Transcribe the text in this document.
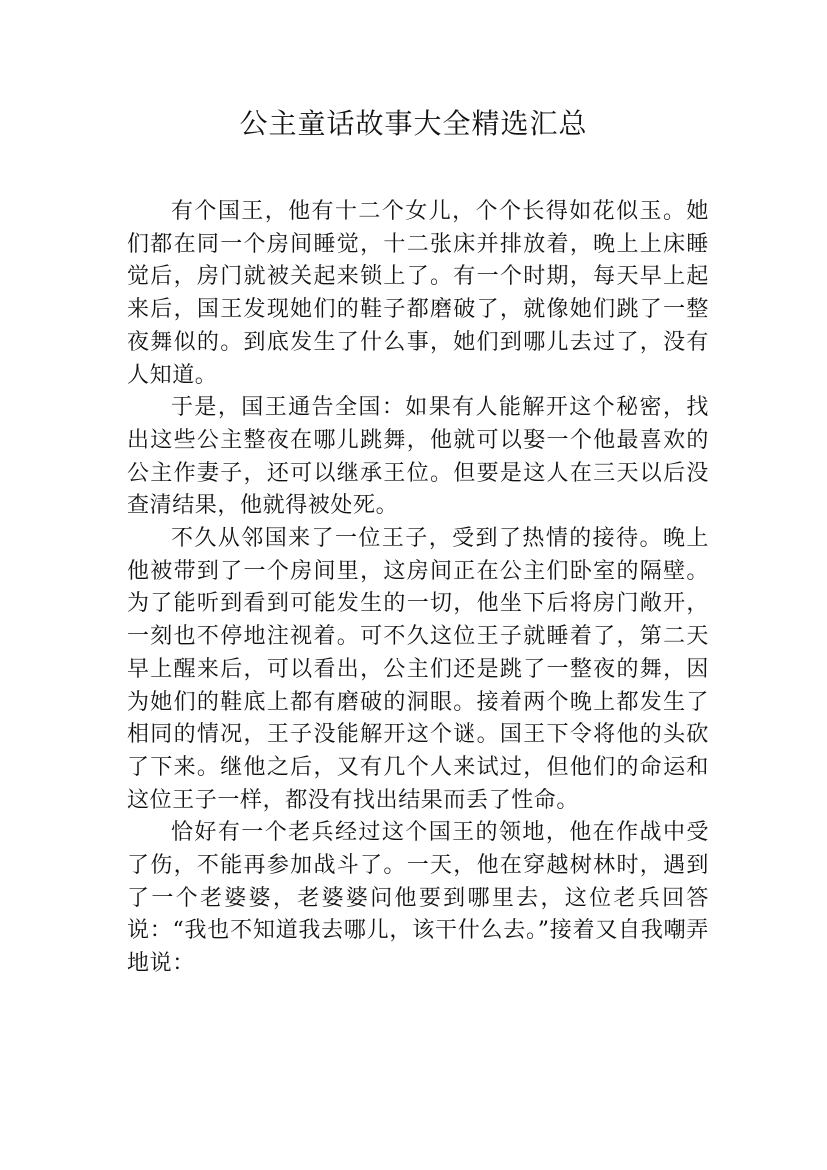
公主童话故事大全精选汇总

有个国王，他有十二个女儿，个个长得如花似玉。她们都在同一个房间睡觉，十二张床并排放着，晚上上床睡觉后，房门就被关起来锁上了。有一个时期，每天早上起来后，国王发现她们的鞋子都磨破了，就像她们跳了一整夜舞似的。到底发生了什么事，她们到哪儿去过了，没有人知道。

于是，国王通告全国：如果有人能解开这个秘密，找出这些公主整夜在哪儿跳舞，他就可以娶一个他最喜欢的公主作妻子，还可以继承王位。但要是这人在三天以后没查清结果，他就得被处死。

不久从邻国来了一位王子，受到了热情的接待。晚上他被带到了一个房间里，这房间正在公主们卧室的隔壁。为了能听到看到可能发生的一切，他坐下后将房门敞开，一刻也不停地注视着。可不久这位王子就睡着了，第二天早上醒来后，可以看出，公主们还是跳了一整夜的舞，因为她们的鞋底上都有磨破的洞眼。接着两个晚上都发生了相同的情况，王子没能解开这个谜。国王下令将他的头砍了下来。继他之后，又有几个人来试过，但他们的命运和这位王子一样，都没有找出结果而丢了性命。

恰好有一个老兵经过这个国王的领地，他在作战中受了伤，不能再参加战斗了。一天，他在穿越树林时，遇到了一个老婆婆，老婆婆问他要到哪里去，这位老兵回答说：“我也不知道我去哪儿，该干什么去。”接着又自我嘲弄地说：
